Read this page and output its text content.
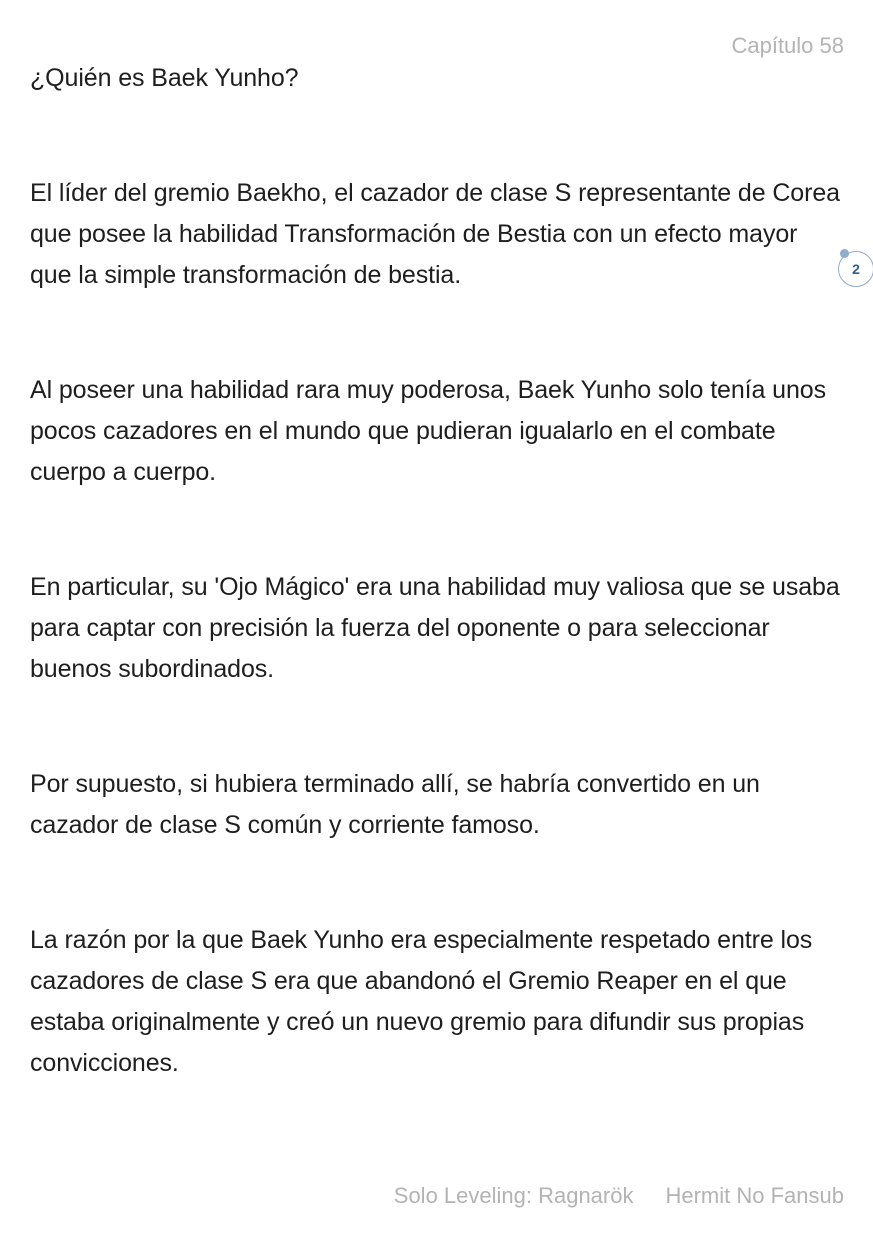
Capítulo 58

¿Quién es Baek Yunho?

El líder del gremio Baekho, el cazador de clase S representante de Corea que posee la habilidad Transformación de Bestia con un efecto mayor que la simple transformación de bestia.

Al poseer una habilidad rara muy poderosa, Baek Yunho solo tenía unos pocos cazadores en el mundo que pudieran igualarlo en el combate cuerpo a cuerpo.

En particular, su 'Ojo Mágico' era una habilidad muy valiosa que se usaba para captar con precisión la fuerza del oponente o para seleccionar buenos subordinados.

Por supuesto, si hubiera terminado allí, se habría convertido en un cazador de clase S común y corriente famoso.

La razón por la que Baek Yunho era especialmente respetado entre los cazadores de clase S era que abandonó el Gremio Reaper en el que estaba originalmente y creó un nuevo gremio para difundir sus propias convicciones.

2
Solo Leveling: Ragnarök Hermit No Fansub
